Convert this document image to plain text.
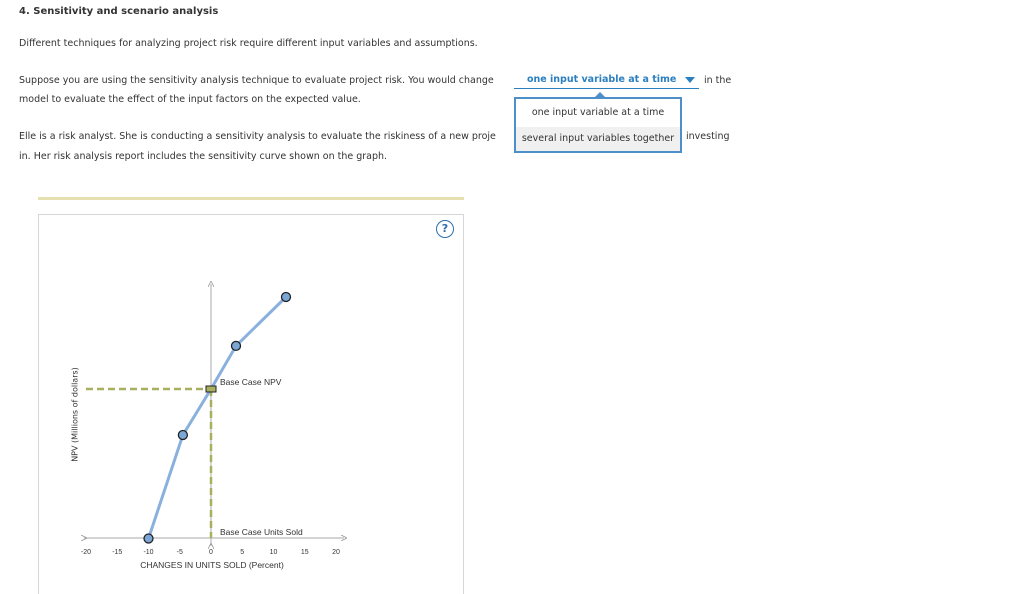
4. Sensitivity and scenario analysis
Different techniques for analyzing project risk require different input variables and assumptions.
Suppose you are using the sensitivity analysis technique to evaluate project risk. You would change	one input variable at a time	in the
model to evaluate the effect of the input factors on the expected value.
Elle is a risk analyst. She is conducting a sensitivity analysis to evaluate the riskiness of a new proje	investing
in. Her risk analysis report includes the sensitivity curve shown on the graph.
one input variable at a time
several input variables together
?
NPV (Millions of dollars)
-20	-15	-10	-5	0	5	10	15	20
CHANGES IN UNITS SOLD (Percent)
Base Case NPV
Base Case Units Sold
